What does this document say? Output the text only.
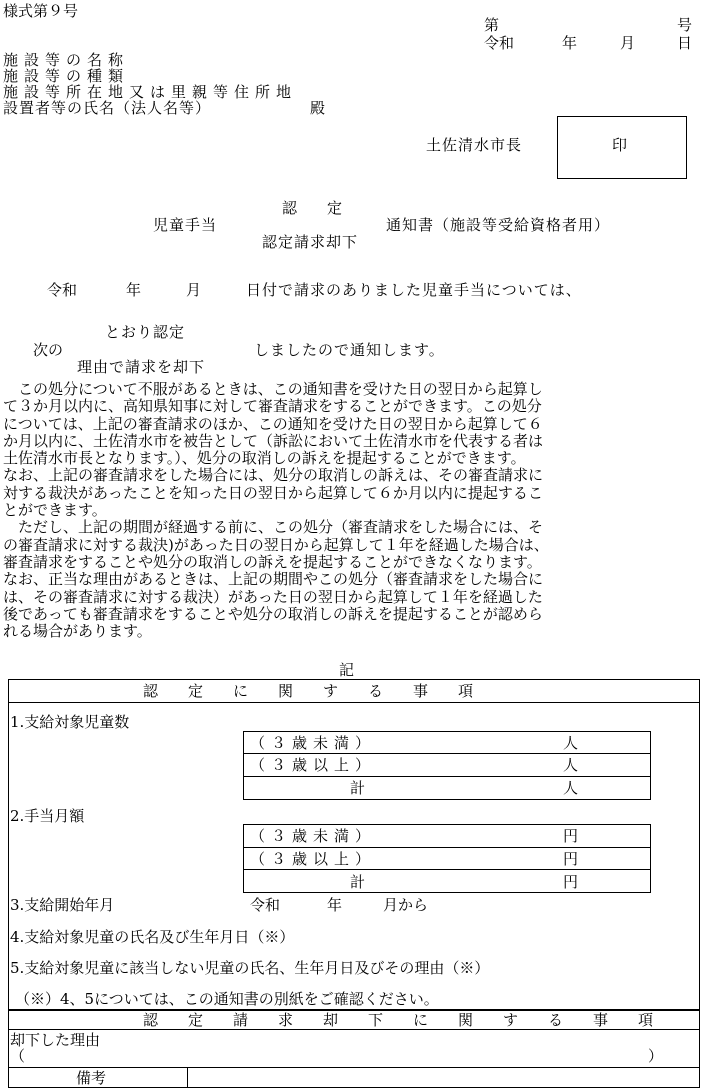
様式第９号
第	号
令和	年	月	日
施設等の名称
施設等の種類
施設等所在地又は里親等住所地
設置者等の氏名（法人名等）	殿
土佐清水市長	印
認　　定
児童手当	通知書（施設等受給資格者用）
認定請求却下
令和	年	月	日付で請求のありました児童手当については、
とおり認定
次の	しましたので通知します。
理由で請求を却下
　この処分について不服があるときは、この通知書を受けた日の翌日から起算し
て３か月以内に、高知県知事に対して審査請求をすることができます。この処分
については、上記の審査請求のほか、この通知を受けた日の翌日から起算して６
か月以内に、土佐清水市を被告として（訴訟において土佐清水市を代表する者は
土佐清水市長となります。）、処分の取消しの訴えを提起することができます。
なお、上記の審査請求をした場合には、処分の取消しの訴えは、その審査請求に
対する裁決があったことを知った日の翌日から起算して６か月以内に提起するこ
とができます。
　ただし、上記の期間が経過する前に、この処分（審査請求をした場合には、そ
の審査請求に対する裁決)があった日の翌日から起算して１年を経過した場合は、
審査請求をすることや処分の取消しの訴えを提起することができなくなります。
なお、正当な理由があるときは、上記の期間やこの処分（審査請求をした場合に
は、その審査請求に対する裁決）があった日の翌日から起算して１年を経過した
後であっても審査請求をすることや処分の取消しの訴えを提起することが認めら
れる場合があります。
記
認　　定　　に　　関　　す　　る　　事　　項
1.支給対象児童数
（３歳未満）	人
（３歳以上）	人
計	人
2.手当月額
（３歳未満）	円
（３歳以上）	円
計	円
3.支給開始年月	令和	年	月から
4.支給対象児童の氏名及び生年月日（※）
5.支給対象児童に該当しない児童の氏名、生年月日及びその理由（※）
（※）4、5については、この通知書の別紙をご確認ください。
認　　定　　請　　求　　却　　下　　に　　関　　す　　る　　事　　項
却下した理由
（	）
備考
